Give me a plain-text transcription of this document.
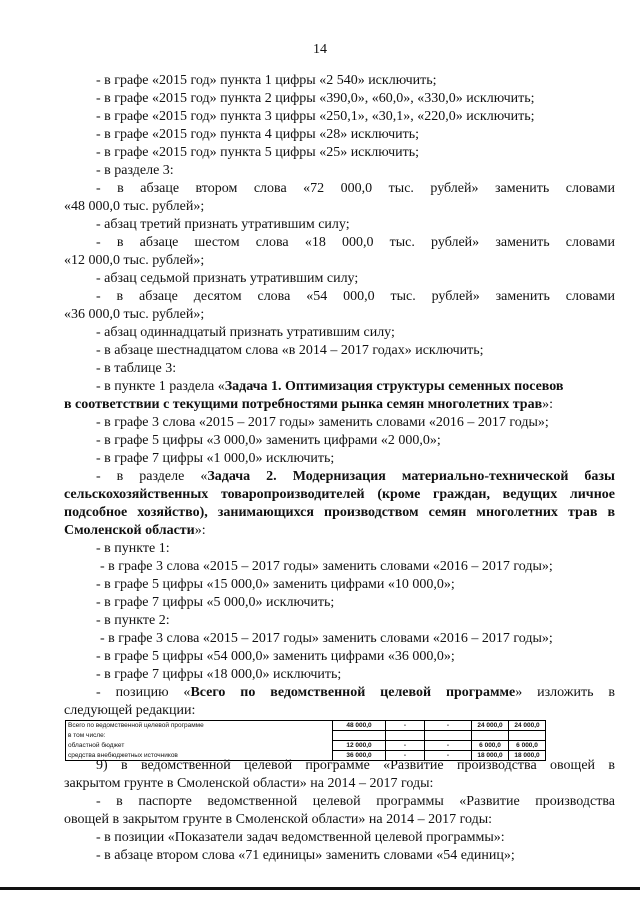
14
- в графе «2015 год» пункта 1 цифры «2 540» исключить;
- в графе «2015 год» пункта 2 цифры «390,0», «60,0», «330,0» исключить;
- в графе «2015 год» пункта 3 цифры «250,1», «30,1», «220,0» исключить;
- в графе «2015 год» пункта 4 цифры «28» исключить;
- в графе «2015 год» пункта 5 цифры «25» исключить;
- в разделе 3:
- в абзаце втором слова «72 000,0 тыс. рублей» заменить словами
«48 000,0 тыс. рублей»;
- абзац третий признать утратившим силу;
- в абзаце шестом слова «18 000,0 тыс. рублей» заменить словами
«12 000,0 тыс. рублей»;
- абзац седьмой признать утратившим силу;
- в абзаце десятом слова «54 000,0 тыс. рублей» заменить словами
«36 000,0 тыс. рублей»;
- абзац одиннадцатый признать утратившим силу;
- в абзаце шестнадцатом слова «в 2014 – 2017 годах» исключить;
- в таблице 3:
- в пункте 1 раздела «Задача 1. Оптимизация структуры семенных посевов
в соответствии с текущими потребностями рынка семян многолетних трав»:
- в графе 3 слова «2015 – 2017 годы» заменить словами «2016 – 2017 годы»;
- в графе 5 цифры «3 000,0» заменить цифрами «2 000,0»;
- в графе 7 цифры «1 000,0» исключить;
- в разделе «Задача 2. Модернизация материально-технической базы
сельскохозяйственных товаропроизводителей (кроме граждан, ведущих личное
подсобное хозяйство), занимающихся производством семян многолетних трав в
Смоленской области»:
- в пункте 1:
- в графе 3 слова «2015 – 2017 годы» заменить словами «2016 – 2017 годы»;
- в графе 5 цифры «15 000,0» заменить цифрами «10 000,0»;
- в графе 7 цифры «5 000,0» исключить;
- в пункте 2:
- в графе 3 слова «2015 – 2017 годы» заменить словами «2016 – 2017 годы»;
- в графе 5 цифры «54 000,0» заменить цифрами «36 000,0»;
- в графе 7 цифры «18 000,0» исключить;
- позицию «Всего по ведомственной целевой программе» изложить в
следующей редакции:
Всего по ведомственной целевой программе	48 000,0	-	-	24 000,0	24 000,0
в том числе:					
областной бюджет	12 000,0	-	-	6 000,0	6 000,0
средства внебюджетных источников	36 000,0	-	-	18 000,0	18 000,0
9) в ведомственной целевой программе «Развитие производства овощей в
закрытом грунте в Смоленской области» на 2014 – 2017 годы:
- в паспорте ведомственной целевой программы «Развитие производства
овощей в закрытом грунте в Смоленской области» на 2014 – 2017 годы:
- в позиции «Показатели задач ведомственной целевой программы»:
- в абзаце втором слова «71 единицы» заменить словами «54 единиц»;
